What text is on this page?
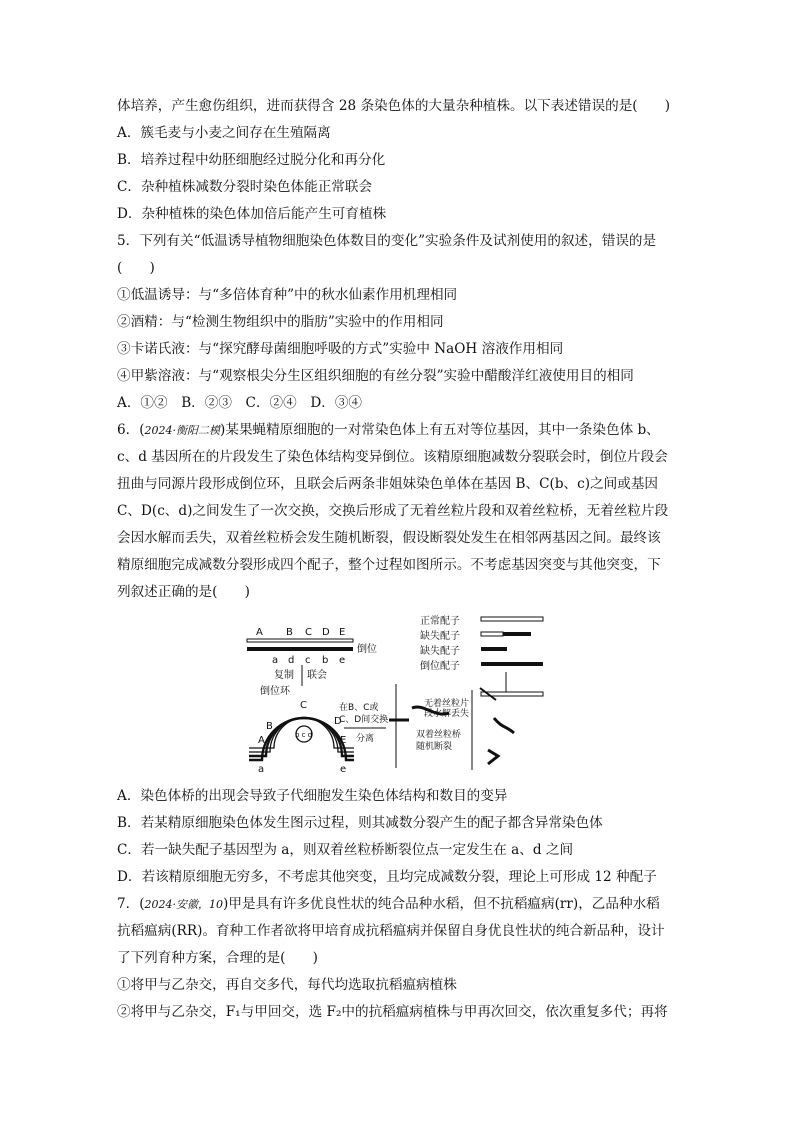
体培养，产生愈伤组织，进而获得含 28 条染色体的大量杂种植株。以下表述错误的是(　　)
A．簇毛麦与小麦之间存在生殖隔离
B．培养过程中幼胚细胞经过脱分化和再分化
C．杂种植株减数分裂时染色体能正常联会
D．杂种植株的染色体加倍后能产生可育植株
5．下列有关“低温诱导植物细胞染色体数目的变化”实验条件及试剂使用的叙述，错误的是
(　　)
①低温诱导：与“多倍体育种”中的秋水仙素作用机理相同
②酒精：与“检测生物组织中的脂肪”实验中的作用相同
③卡诺氏液：与“探究酵母菌细胞呼吸的方式”实验中 NaOH 溶液作用相同
④甲紫溶液：与“观察根尖分生区组织细胞的有丝分裂”实验中醋酸洋红液使用目的相同
A．①②　B．②③　C．②④　D．③④
6．(2024·衡阳二模)某果蝇精原细胞的一对常染色体上有五对等位基因，其中一条染色体 b、
c、d 基因所在的片段发生了染色体结构变异倒位。该精原细胞减数分裂联会时，倒位片段会
扭曲与同源片段形成倒位环，且联会后两条非姐妹染色单体在基因 B、C(b、c)之间或基因
C、D(c、d)之间发生了一次交换，交换后形成了无着丝粒片段和双着丝粒桥，无着丝粒片段
会因水解而丢失，双着丝粒桥会发生随机断裂，假设断裂处发生在相邻两基因之间。最终该
精原细胞完成减数分裂形成四个配子，整个过程如图所示。不考虑基因突变与其他突变，下
列叙述正确的是(　　)
A B C D E
a d c b e
倒位
复制 联会
倒位环
B
C
D
A
a
E
e
b c d
在B、C或
C、D间交换
分离
无着丝粒片
段水解丢失
双着丝粒桥
随机断裂
正常配子
缺失配子
缺失配子
倒位配子
A．染色体桥的出现会导致子代细胞发生染色体结构和数目的变异
B．若某精原细胞染色体发生图示过程，则其减数分裂产生的配子都含异常染色体
C．若一缺失配子基因型为 a，则双着丝粒桥断裂位点一定发生在 a、d 之间
D．若该精原细胞无穷多，不考虑其他突变，且均完成减数分裂，理论上可形成 12 种配子
7．(2024·安徽，10)甲是具有许多优良性状的纯合品种水稻，但不抗稻瘟病(rr)，乙品种水稻
抗稻瘟病(RR)。育种工作者欲将甲培育成抗稻瘟病并保留自身优良性状的纯合新品种，设计
了下列育种方案，合理的是(　　)
①将甲与乙杂交，再自交多代，每代均选取抗稻瘟病植株
②将甲与乙杂交，F₁与甲回交，选 F₂中的抗稻瘟病植株与甲再次回交，依次重复多代；再将
